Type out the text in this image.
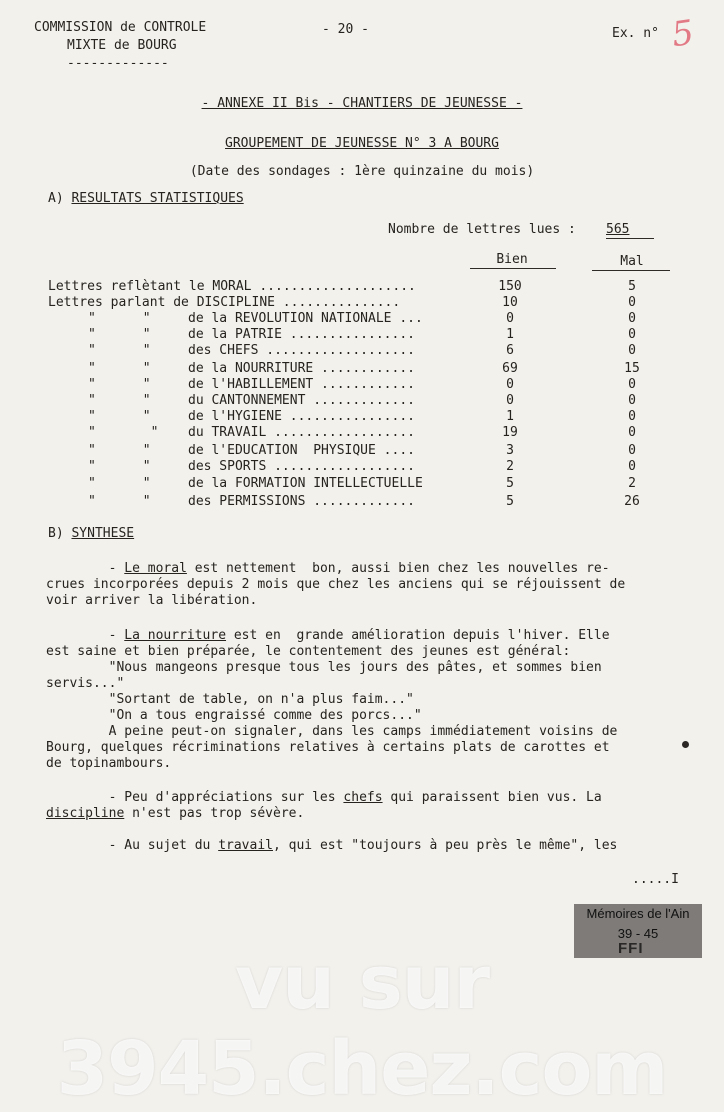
COMMISSION de CONTROLE
MIXTE de BOURG
-------------
- 20 -	Ex. n° 5
- ANNEXE II Bis - CHANTIERS DE JEUNESSE -
GROUPEMENT DE JEUNESSE N° 3 A BOURG
(Date des sondages : 1ère quinzaine du mois)
A) RESULTATS STATISTIQUES
Nombre de lettres lues : 565
Bien	Mal
Lettres reflètant le MORAL ....................	150	5
Lettres parlant de DISCIPLINE ...............	10	0
"      "	de la REVOLUTION NATIONALE ...	0	0
"      "	de la PATRIE ................	1	0
"      "	des CHEFS ...................	6	0
"      "	de la NOURRITURE ............	69	15
"      "	de l'HABILLEMENT ............	0	0
"      "	du CANTONNEMENT .............	0	0
"      "	de l'HYGIENE ................	1	0
"       " du TRAVAIL ..................	19	0
"      "	de l'EDUCATION  PHYSIQUE ....	3	0
"      "	des SPORTS ..................	2	0
"      "	de la FORMATION INTELLECTUELLE	5	2
"      "	des PERMISSIONS .............	5	26
B) SYNTHESE
- Le moral est nettement  bon, aussi bien chez les nouvelles re-
crues incorporées depuis 2 mois que chez les anciens qui se réjouissent de
voir arriver la libération.
- La nourriture est en  grande amélioration depuis l'hiver. Elle
est saine et bien préparée, le contentement des jeunes est général:
"Nous mangeons presque tous les jours des pâtes, et sommes bien
servis..."
"Sortant de table, on n'a plus faim..."
"On a tous engraissé comme des porcs..."
A peine peut-on signaler, dans les camps immédiatement voisins de
Bourg, quelques récriminations relatives à certains plats de carottes et
de topinambours.
- Peu d'appréciations sur les chefs qui paraissent bien vus. La
discipline n'est pas trop sévère.
- Au sujet du travail, qui est "toujours à peu près le même", les
.....I
Mémoires de l'Ain
39 - 45
FFI
vu sur 3945.chez.com
